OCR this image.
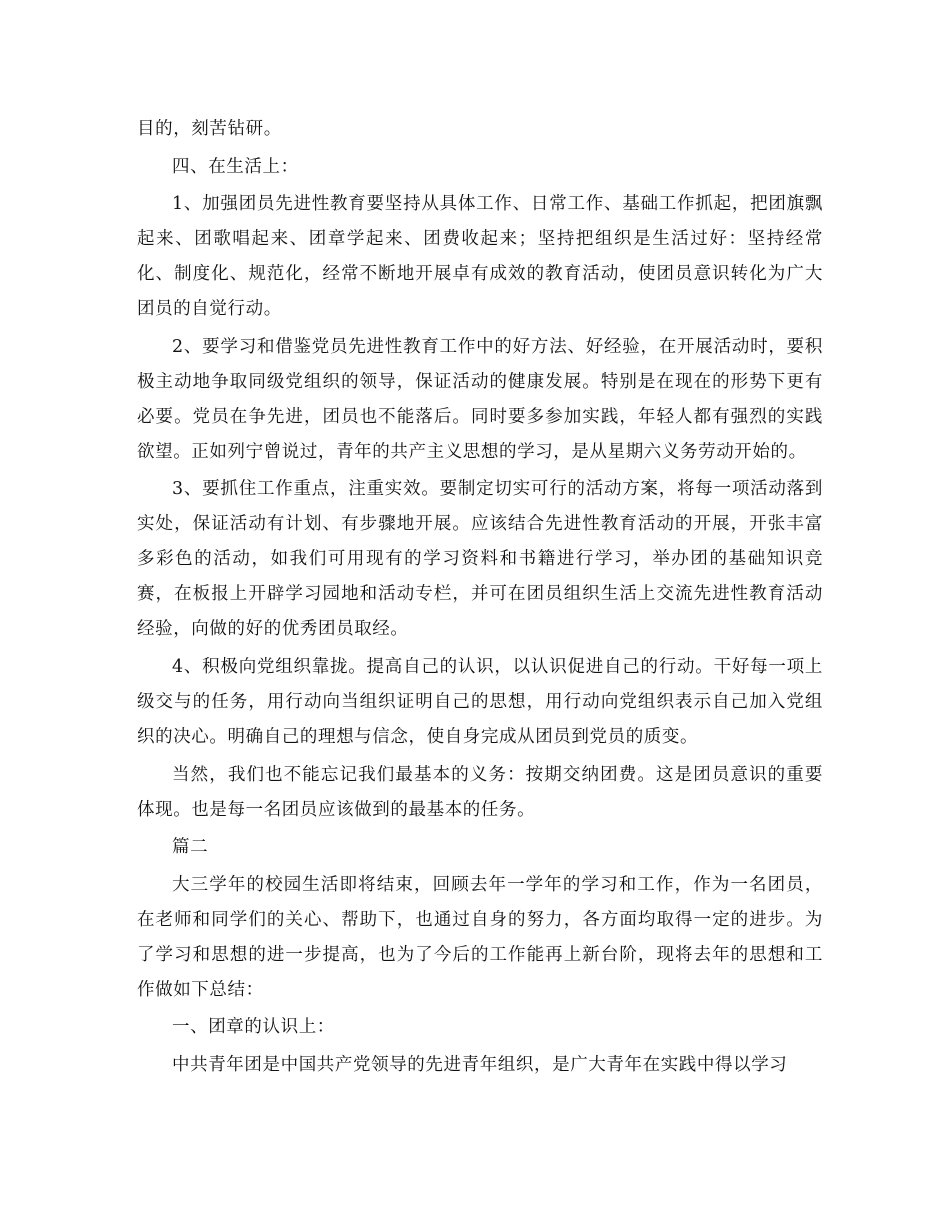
目的，刻苦钻研。

四、在生活上：

1、加强团员先进性教育要坚持从具体工作、日常工作、基础工作抓起，把团旗飘起来、团歌唱起来、团章学起来、团费收起来；坚持把组织是生活过好：坚持经常化、制度化、规范化，经常不断地开展卓有成效的教育活动，使团员意识转化为广大团员的自觉行动。

2、要学习和借鉴党员先进性教育工作中的好方法、好经验，在开展活动时，要积极主动地争取同级党组织的领导，保证活动的健康发展。特别是在现在的形势下更有必要。党员在争先进，团员也不能落后。同时要多参加实践，年轻人都有强烈的实践欲望。正如列宁曾说过，青年的共产主义思想的学习，是从星期六义务劳动开始的。

3、要抓住工作重点，注重实效。要制定切实可行的活动方案，将每一项活动落到实处，保证活动有计划、有步骤地开展。应该结合先进性教育活动的开展，开张丰富多彩色的活动，如我们可用现有的学习资料和书籍进行学习，举办团的基础知识竞赛，在板报上开辟学习园地和活动专栏，并可在团员组织生活上交流先进性教育活动经验，向做的好的优秀团员取经。

4、积极向党组织靠拢。提高自己的认识，以认识促进自己的行动。干好每一项上级交与的任务，用行动向当组织证明自己的思想，用行动向党组织表示自己加入党组织的决心。明确自己的理想与信念，使自身完成从团员到党员的质变。

当然，我们也不能忘记我们最基本的义务：按期交纳团费。这是团员意识的重要体现。也是每一名团员应该做到的最基本的任务。

篇二

大三学年的校园生活即将结束，回顾去年一学年的学习和工作，作为一名团员，在老师和同学们的关心、帮助下，也通过自身的努力，各方面均取得一定的进步。为了学习和思想的进一步提高，也为了今后的工作能再上新台阶，现将去年的思想和工作做如下总结：

一、团章的认识上：

中共青年团是中国共产党领导的先进青年组织，是广大青年在实践中得以学习
